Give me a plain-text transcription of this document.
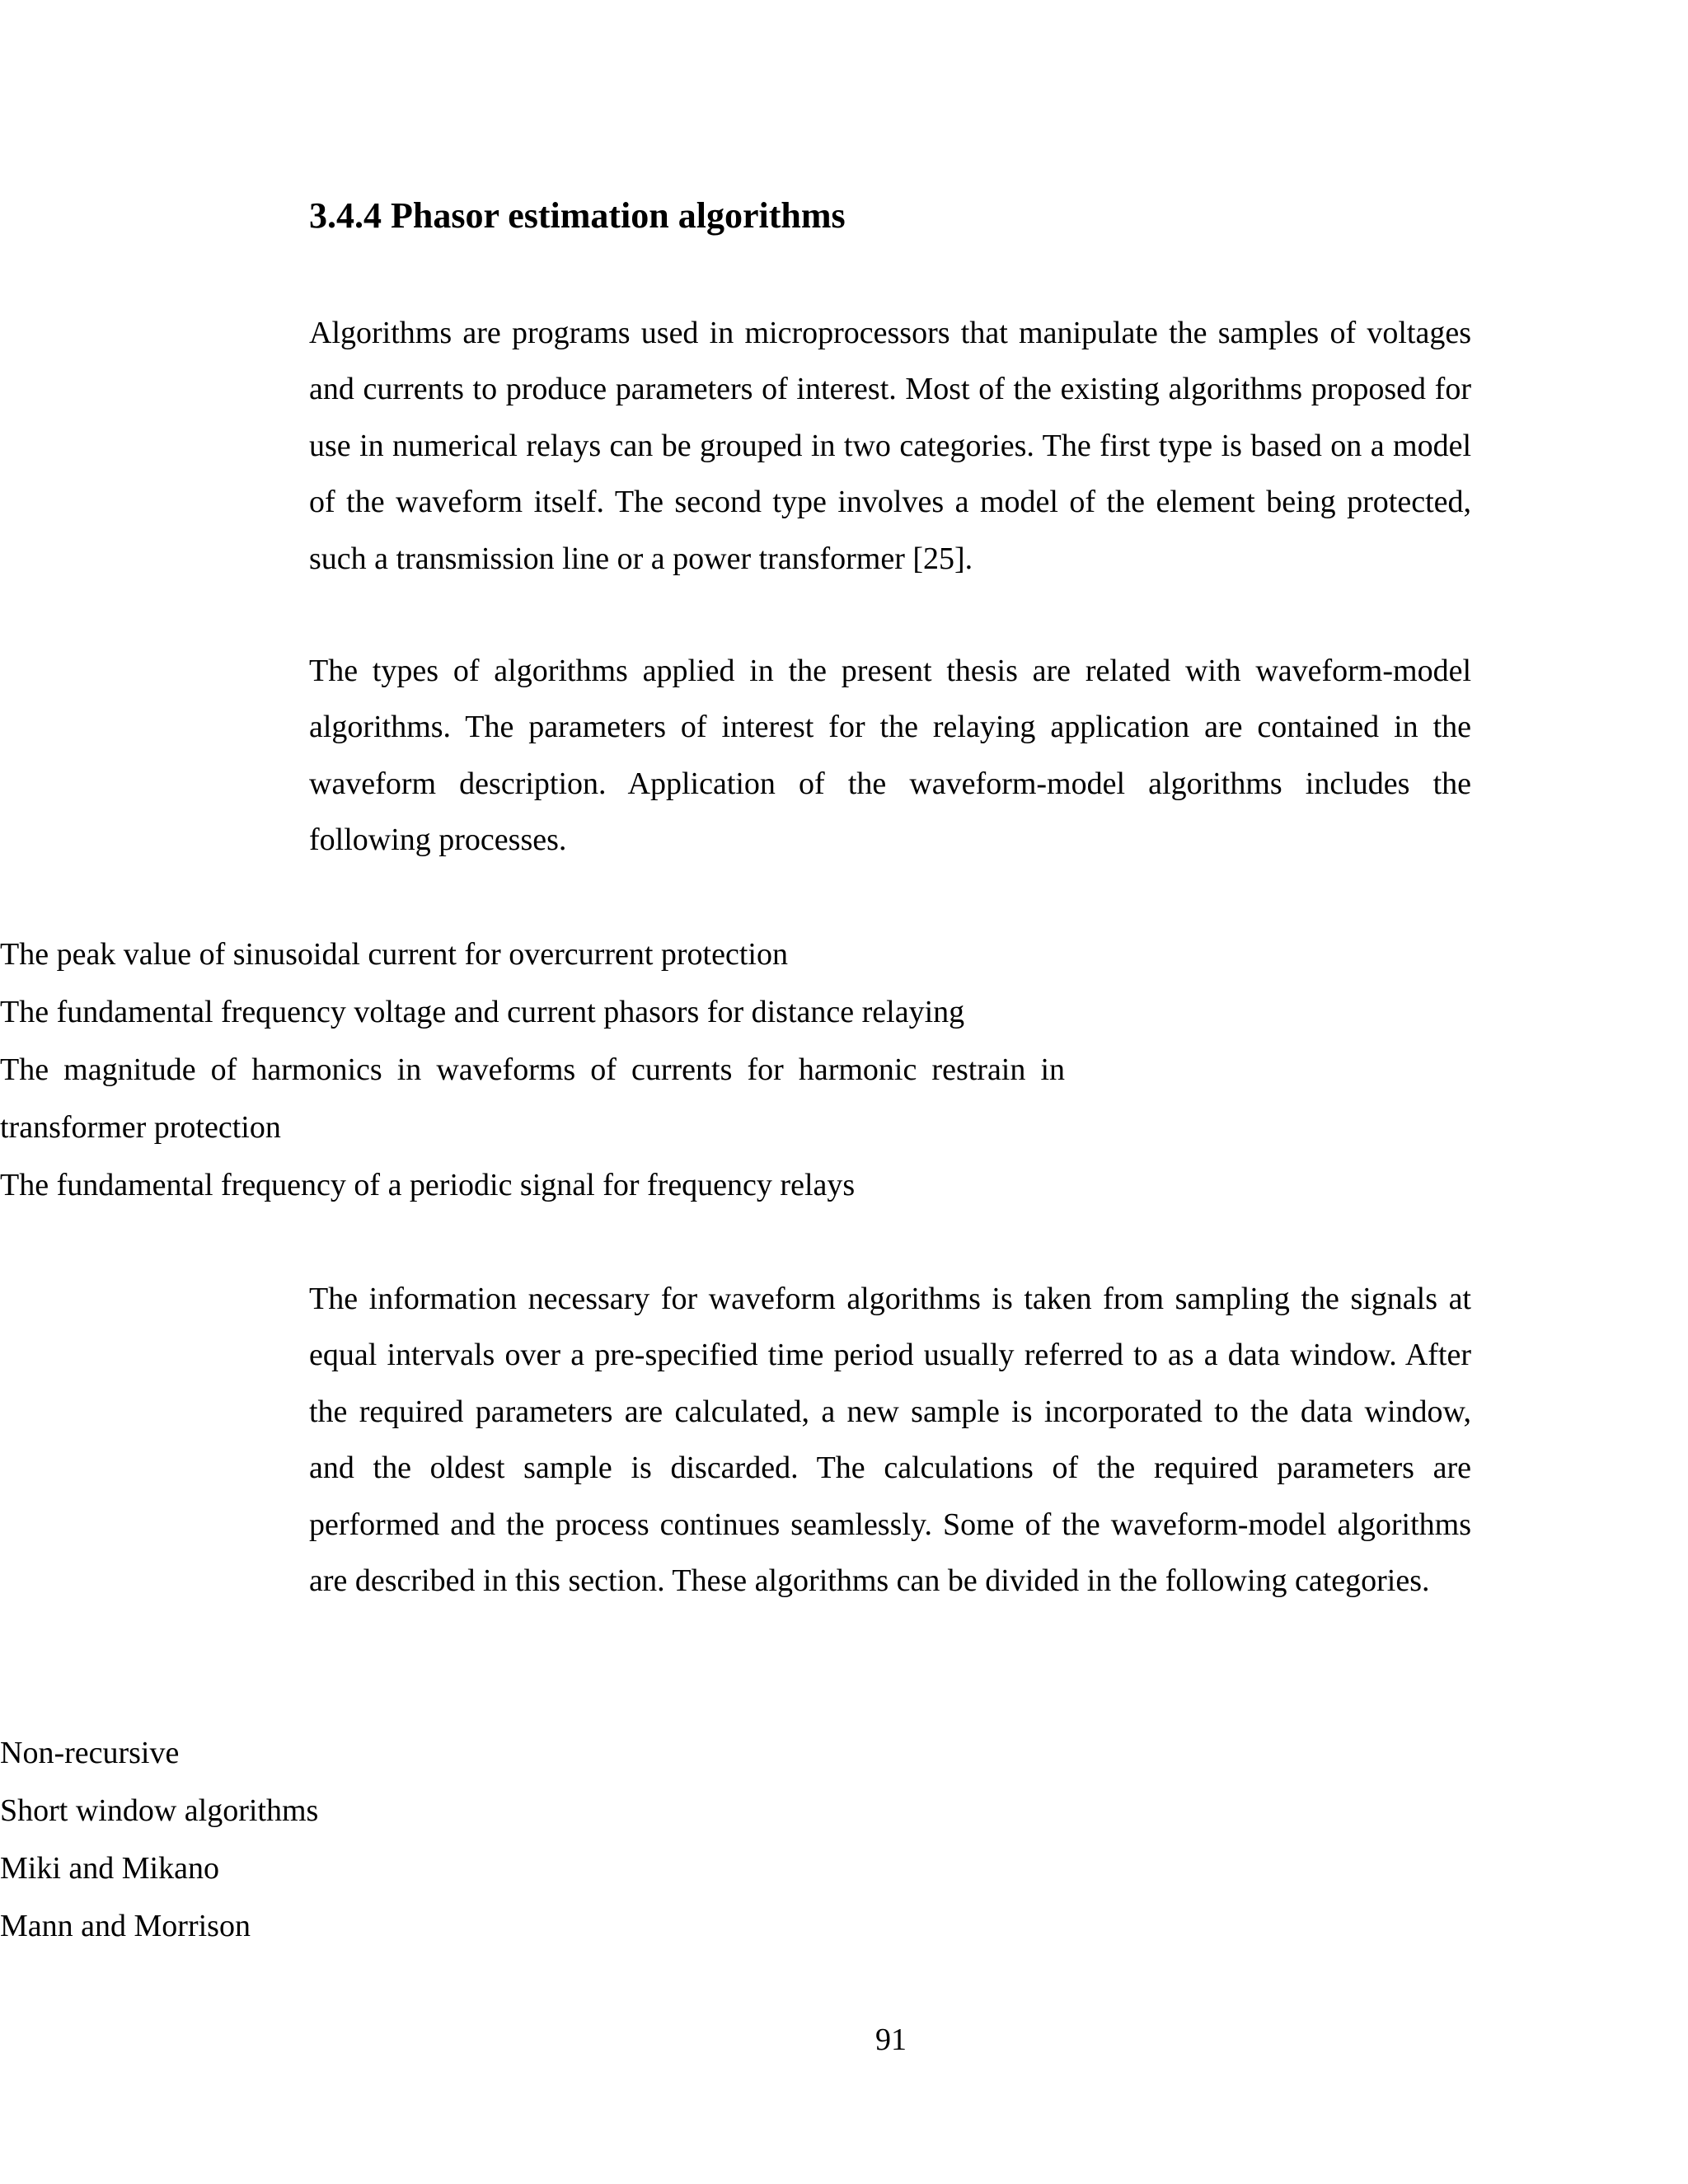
3.4.4 Phasor estimation algorithms

Algorithms are programs used in microprocessors that manipulate the samples of voltages and currents to produce parameters of interest. Most of the existing algorithms proposed for use in numerical relays can be grouped in two categories. The first type is based on a model of the waveform itself. The second type involves a model of the element being protected, such a transmission line or a power transformer [25].

The types of algorithms applied in the present thesis are related with waveform-model algorithms. The parameters of interest for the relaying application are contained in the waveform description. Application of the waveform-model algorithms includes the following processes.

The peak value of sinusoidal current for overcurrent protection
The fundamental frequency voltage and current phasors for distance relaying
The magnitude of harmonics in waveforms of currents for harmonic restrain in transformer protection
The fundamental frequency of a periodic signal for frequency relays

The information necessary for waveform algorithms is taken from sampling the signals at equal intervals over a pre-specified time period usually referred to as a data window. After the required parameters are calculated, a new sample is incorporated to the data window, and the oldest sample is discarded. The calculations of the required parameters are performed and the process continues seamlessly. Some of the waveform-model algorithms are described in this section. These algorithms can be divided in the following categories.

Non-recursive
Short window algorithms
Miki and Mikano
Mann and Morrison

91
